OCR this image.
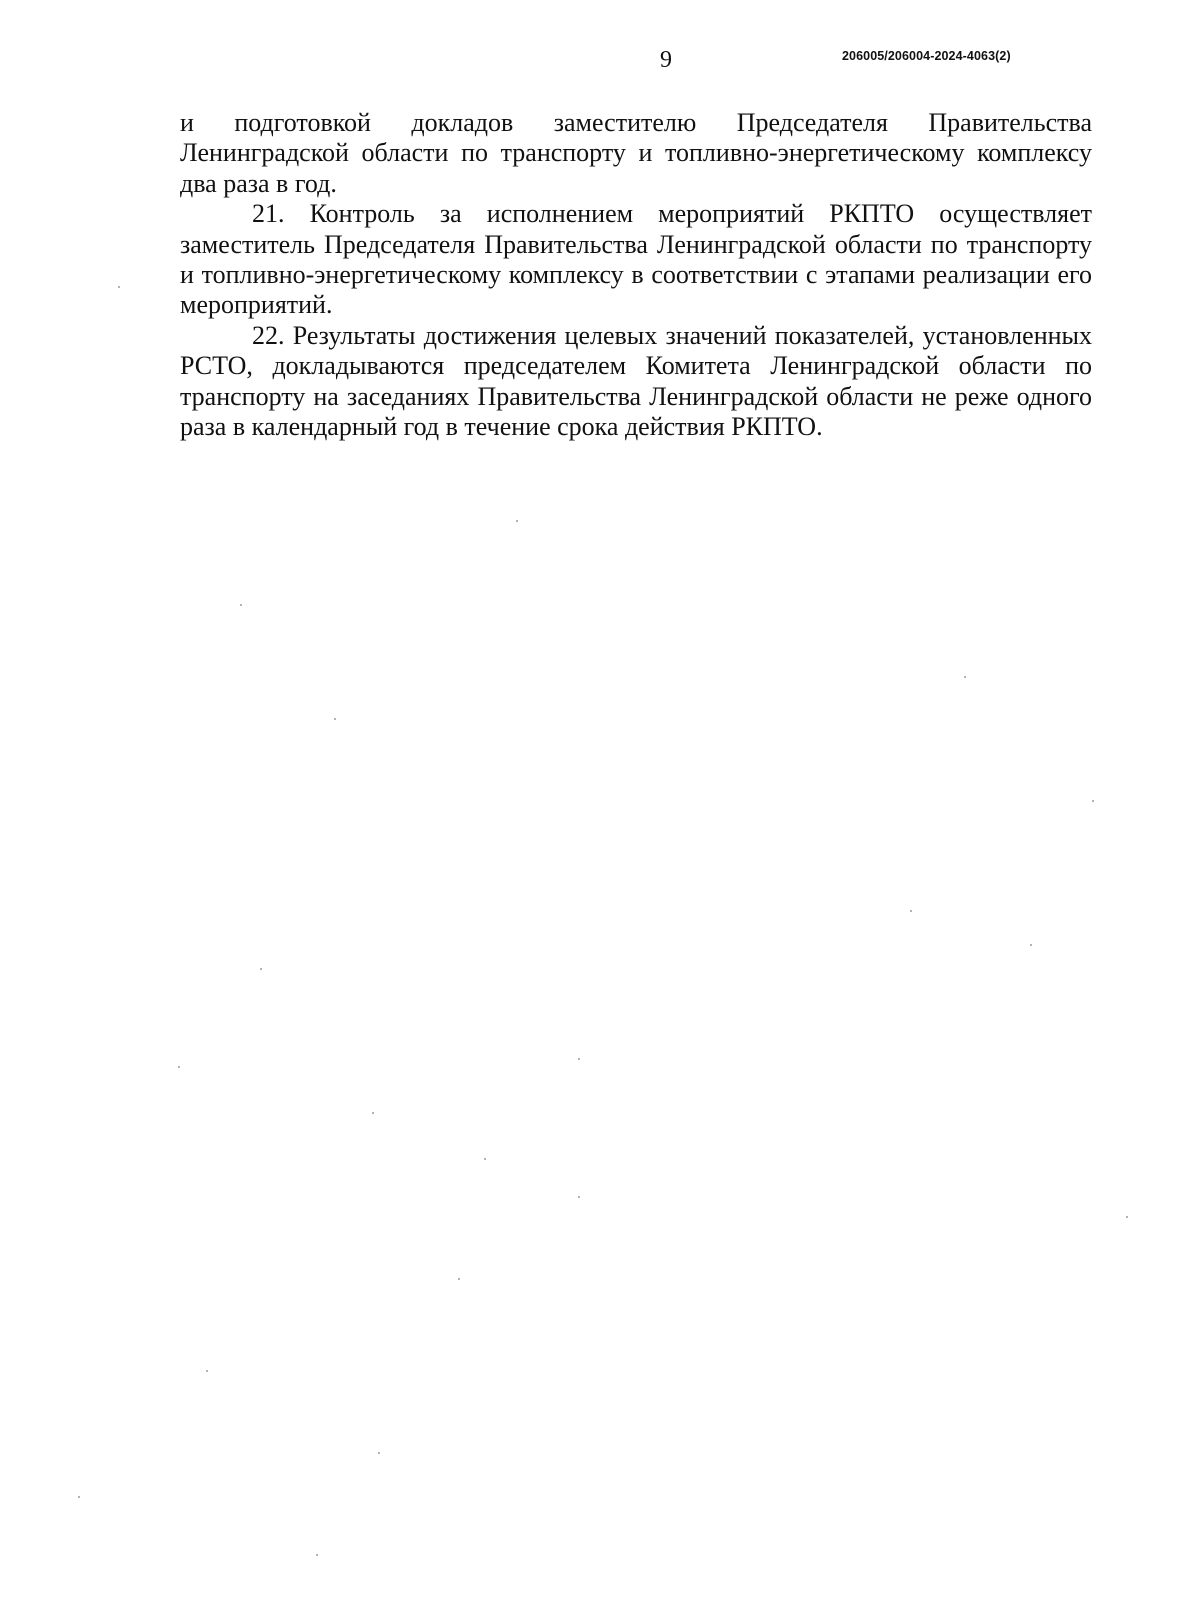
9	206005/206004-2024-4063(2)

и подготовкой докладов заместителю Председателя Правительства Ленинградской области по транспорту и топливно-энергетическому комплексу два раза в год.

21. Контроль за исполнением мероприятий РКПТО осуществляет заместитель Председателя Правительства Ленинградской области по транспорту и топливно-энергетическому комплексу в соответствии с этапами реализации его мероприятий.

22. Результаты достижения целевых значений показателей, установленных РСТО, докладываются председателем Комитета Ленинградской области по транспорту на заседаниях Правительства Ленинградской области не реже одного раза в календарный год в течение срока действия РКПТО.
